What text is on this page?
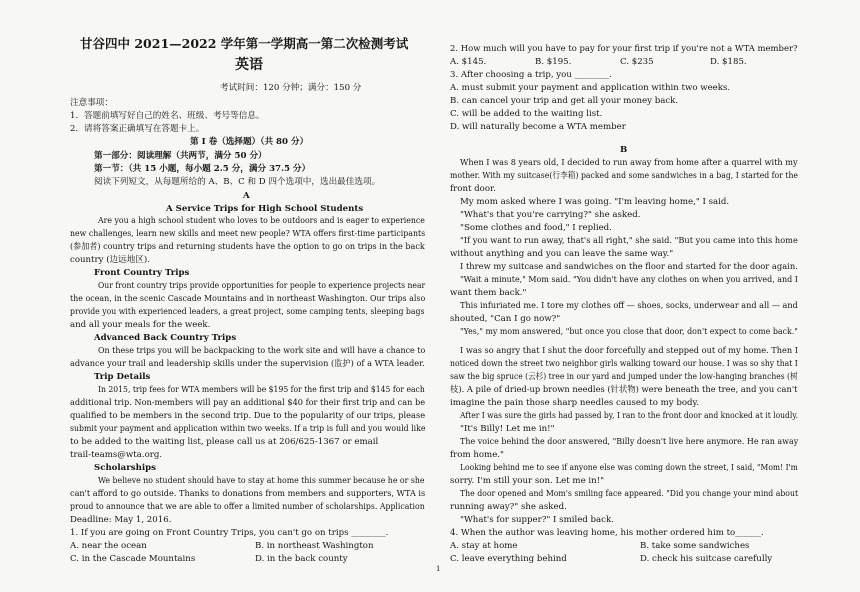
甘谷四中 2021—2022 学年第一学期高一第二次检测考试
英语
考试时间：120 分钟；满分：150 分
注意事项：
1．答题前填写好自己的姓名、班级、考号等信息。
2．请将答案正确填写在答题卡上。
第 I 卷（选择题）（共 80 分）
第一部分：阅读理解（共两节，满分 50 分）
第一节：（共 15 小题，每小题 2.5 分，满分 37.5 分）
阅读下列短文，从每题所给的 A、B、C 和 D 四个选项中，选出最佳选项。
A
A Service Trips for High School Students
Are you a high school student who loves to be outdoors and is eager to experience
new challenges, learn new skills and meet new people? WTA offers first-time participants
(参加者) country trips and returning students have the option to go on trips in the back
country (边远地区).
Front Country Trips
Our front country trips provide opportunities for people to experience projects near
the ocean, in the scenic Cascade Mountains and in northeast Washington. Our trips also
provide you with experienced leaders, a great project, some camping tents, sleeping bags
and all your meals for the week.
Advanced Back Country Trips
On these trips you will be backpacking to the work site and will have a chance to
advance your trail and leadership skills under the supervision (监护) of a WTA leader.
Trip Details
In 2015, trip fees for WTA members will be $195 for the first trip and $145 for each
additional trip. Non-members will pay an additional $40 for their first trip and can be
qualified to be members in the second trip. Due to the popularity of our trips, please
submit your payment and application within two weeks. If a trip is full and you would like
to be added to the waiting list, please call us at 206/625-1367 or email
trail-teams@wta.org.
Scholarships
We believe no student should have to stay at home this summer because he or she
can't afford to go outside. Thanks to donations from members and supporters, WTA is
proud to announce that we are able to offer a limited number of scholarships. Application
Deadline: May 1, 2016.
1. If you are going on Front Country Trips, you can't go on trips ________.
A. near the ocean	B. in northeast Washington
C. in the Cascade Mountains	D. in the back county
2. How much will you have to pay for your first trip if you're not a WTA member?
A. $145.	B. $195.	C. $235	D. $185.
3. After choosing a trip, you ________.
A. must submit your payment and application within two weeks.
B. can cancel your trip and get all your money back.
C. will be added to the waiting list.
D. will naturally become a WTA member
B
When I was 8 years old, I decided to run away from home after a quarrel with my
mother. With my suitcase(行李箱) packed and some sandwiches in a bag, I started for the
front door.
My mom asked where I was going. "I'm leaving home," I said.
"What's that you're carrying?" she asked.
"Some clothes and food," I replied.
"If you want to run away, that's all right," she said. "But you came into this home
without anything and you can leave the same way."
I threw my suitcase and sandwiches on the floor and started for the door again.
"Wait a minute," Mom said. "You didn't have any clothes on when you arrived, and I
want them back."
This infuriated me. I tore my clothes off — shoes, socks, underwear and all — and
shouted, "Can I go now?"
"Yes," my mom answered, "but once you close that door, don't expect to come back."
I was so angry that I shut the door forcefully and stepped out of my home. Then I
noticed down the street two neighbor girls walking toward our house. I was so shy that I
saw the big spruce (云杉) tree in our yard and jumped under the low-hanging branches (树
枝). A pile of dried-up brown needles (针状物) were beneath the tree, and you can't
imagine the pain those sharp needles caused to my body.
After I was sure the girls had passed by, I ran to the front door and knocked at it loudly.
"It's Billy! Let me in!"
The voice behind the door answered, "Billy doesn't live here anymore. He ran away
from home."
Looking behind me to see if anyone else was coming down the street, I said, "Mom! I'm
sorry. I'm still your son. Let me in!"
The door opened and Mom's smiling face appeared. "Did you change your mind about
running away?" she asked.
"What's for supper?" I smiled back.
4. When the author was leaving home, his mother ordered him to______.
A. stay at home	B. take some sandwiches
C. leave everything behind	D. check his suitcase carefully
1
